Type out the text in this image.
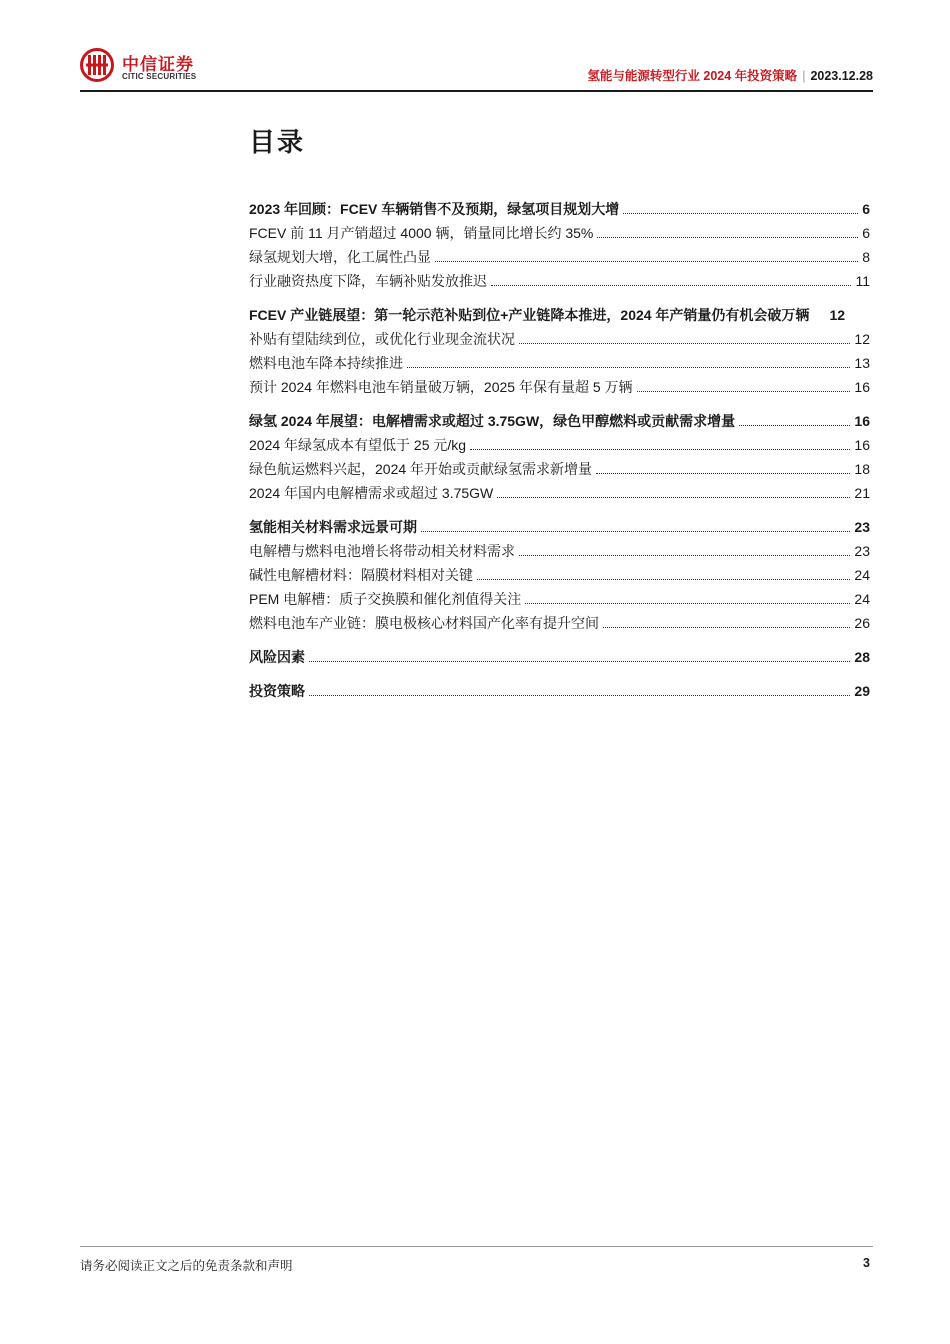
中信证券
CITIC SECURITIES	氢能与能源转型行业 2024 年投资策略 | 2023.12.28
目录
2023 年回顾：FCEV 车辆销售不及预期，绿氢项目规划大增	6
FCEV 前 11 月产销超过 4000 辆，销量同比增长约 35%	6
绿氢规划大增，化工属性凸显	8
行业融资热度下降，车辆补贴发放推迟	11
FCEV 产业链展望：第一轮示范补贴到位+产业链降本推进，2024 年产销量仍有机会破万辆 12
补贴有望陆续到位，或优化行业现金流状况	12
燃料电池车降本持续推进	13
预计 2024 年燃料电池车销量破万辆，2025 年保有量超 5 万辆	16
绿氢 2024 年展望：电解槽需求或超过 3.75GW，绿色甲醇燃料或贡献需求增量	16
2024 年绿氢成本有望低于 25 元/kg	16
绿色航运燃料兴起，2024 年开始或贡献绿氢需求新增量	18
2024 年国内电解槽需求或超过 3.75GW	21
氢能相关材料需求远景可期	23
电解槽与燃料电池增长将带动相关材料需求	23
碱性电解槽材料：隔膜材料相对关键	24
PEM 电解槽：质子交换膜和催化剂值得关注	24
燃料电池车产业链：膜电极核心材料国产化率有提升空间	26
风险因素	28
投资策略	29
请务必阅读正文之后的免责条款和声明	3
